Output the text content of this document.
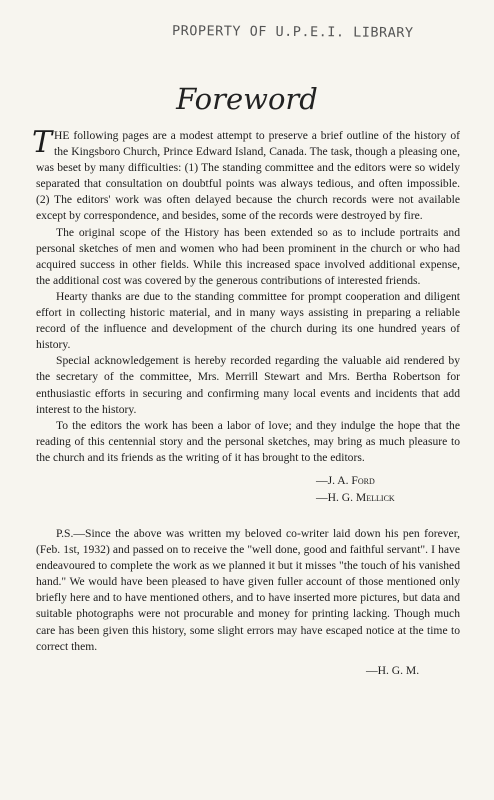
PROPERTY OF U.P.E.I. LIBRARY
Foreword

THE following pages are a modest attempt to preserve a brief outline of the history of the Kingsboro Church, Prince Edward Island, Canada. The task, though a pleasing one, was beset by many difficulties: (1) The standing committee and the editors were so widely separated that consultation on doubtful points was always tedious, and often impossible. (2) The editors' work was often delayed because the church records were not available except by correspondence, and besides, some of the records were destroyed by fire.

The original scope of the History has been extended so as to include portraits and personal sketches of men and women who had been prominent in the church or who had acquired success in other fields. While this increased space involved additional expense, the additional cost was covered by the generous contributions of interested friends.

Hearty thanks are due to the standing committee for prompt cooperation and diligent effort in collecting historic material, and in many ways assisting in preparing a reliable record of the influence and development of the church during its one hundred years of history.

Special acknowledgement is hereby recorded regarding the valuable aid rendered by the secretary of the committee, Mrs. Merrill Stewart and Mrs. Bertha Robertson for enthusiastic efforts in securing and confirming many local events and incidents that add interest to the history.

To the editors the work has been a labor of love; and they indulge the hope that the reading of this centennial story and the personal sketches, may bring as much pleasure to the church and its friends as the writing of it has brought to the editors.

—J. A. Ford
—H. G. Mellick

P.S.—Since the above was written my beloved co-writer laid down his pen forever, (Feb. 1st, 1932) and passed on to receive the "well done, good and faithful servant". I have endeavoured to complete the work as we planned it but it misses "the touch of his vanished hand." We would have been pleased to have given fuller account of those mentioned only briefly here and to have mentioned others, and to have inserted more pictures, but data and suitable photographs were not procurable and money for printing lacking. Though much care has been given this history, some slight errors may have escaped notice at the time to correct them.

—H. G. M.
